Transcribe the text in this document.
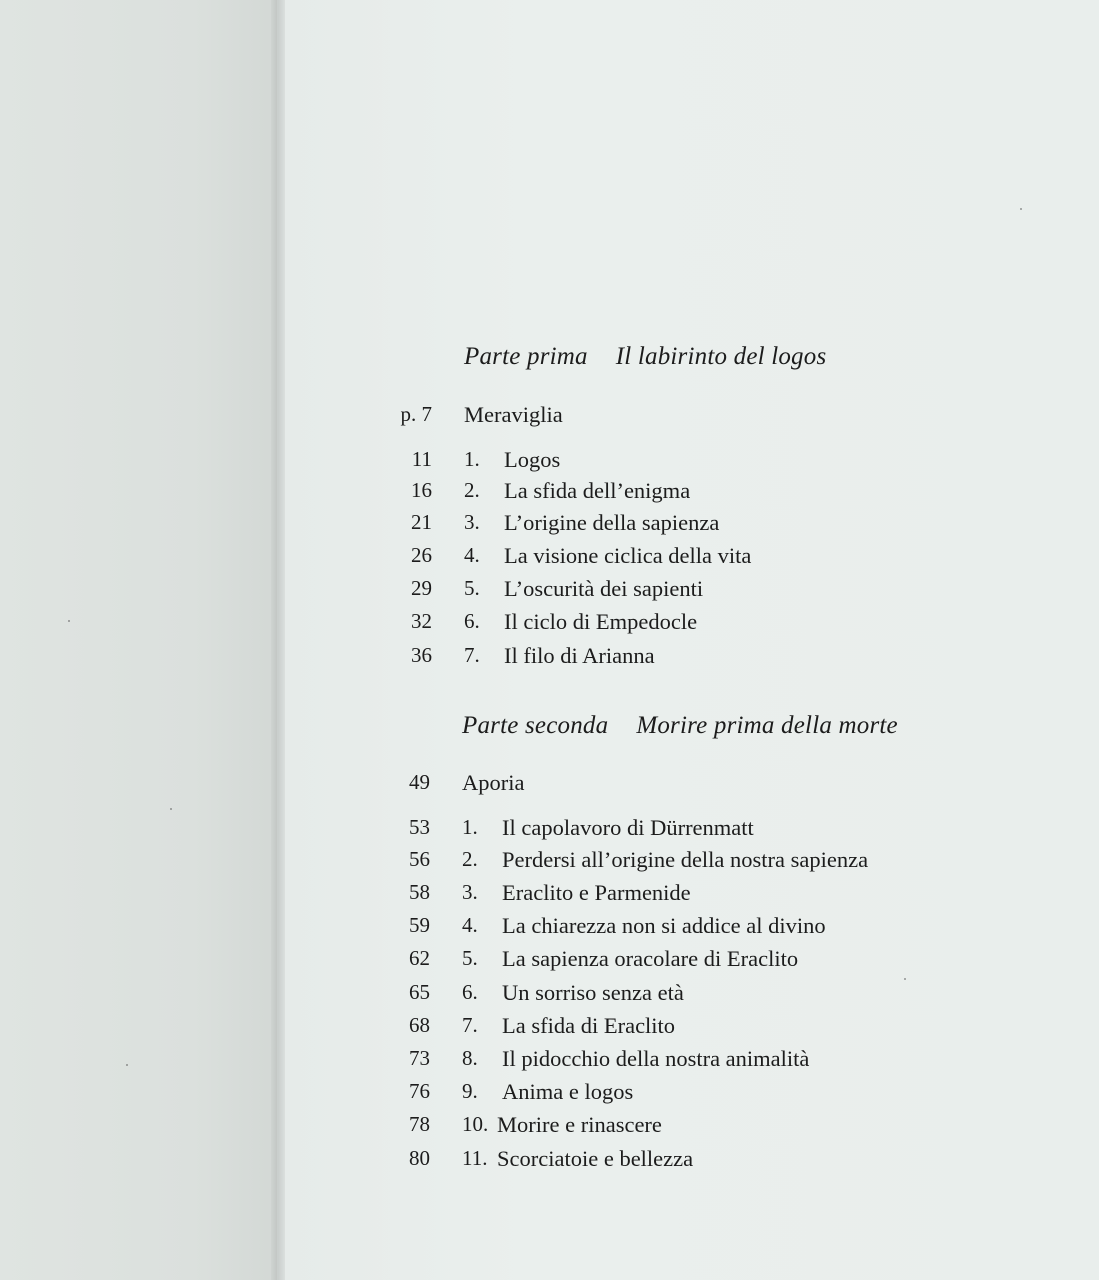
Parte prima Il labirinto del logos
p. 7 Meraviglia
11 1. Logos
16 2. La sfida dell’enigma
21 3. L’origine della sapienza
26 4. La visione ciclica della vita
29 5. L’oscurità dei sapienti
32 6. Il ciclo di Empedocle
36 7. Il filo di Arianna
Parte seconda Morire prima della morte
49 Aporia
53 1. Il capolavoro di Dürrenmatt
56 2. Perdersi all’origine della nostra sapienza
58 3. Eraclito e Parmenide
59 4. La chiarezza non si addice al divino
62 5. La sapienza oracolare di Eraclito
65 6. Un sorriso senza età
68 7. La sfida di Eraclito
73 8. Il pidocchio della nostra animalità
76 9. Anima e logos
78 10. Morire e rinascere
80 11. Scorciatoie e bellezza
